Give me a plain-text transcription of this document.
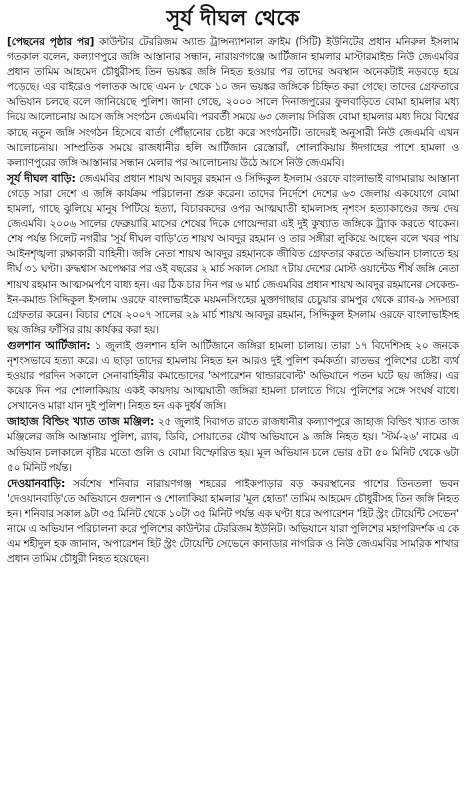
সূর্য দীঘল থেকে

[পেছনের পৃষ্ঠার পর] কাউন্টার টেররিজম অ্যান্ড ট্রান্সন্যাশনাল ক্রাইম (সিটি) ইউনিটের প্রধান মনিরুল ইসলাম গতকাল বলেন, কল্যাণপুরে জঙ্গি আস্তানার সন্ধান, নারায়ণগঞ্জে আর্টিজান হামলার মাস্টারমাইন্ড নিউ জেএমবির প্রধান তামিম আহমেদ চৌধুরীসহ তিন ভয়ঙ্কর জঙ্গি নিহত হওয়ার পর তাদের অবস্থান অনেকটাই নড়বড়ে হয়ে পড়েছে। এর বাইরেও পলাতক আছে এমন ৮ থেকে ১০ জন ভয়ঙ্কর জঙ্গিকে চিহ্নিত করা গেছে। তাদের গ্রেফতারে অভিযান চলছে বলে জানিয়েছে পুলিশ। জানা গেছে, ২০০০ সালে দিনাজপুরের ফুলবাড়িতে বোমা হামলার মধ্য দিয়ে আলোচনায় আসে জঙ্গি সংগঠন জেএমবি। পরবর্তী সময়ে ৬৩ জেলায় সিরিজ বোমা হামলার মধ্য দিয়ে বিশ্বের কাছে নতুন জঙ্গি সংগঠন হিসেবে বার্তা পৌঁছানোর চেষ্টা করে সংগঠনটি। তাদেরই অনুসারী নিউ জেএমবি এখন আলোচনায়। সাম্প্রতিক সময়ে রাজধানীর হলি আর্টিজান রেস্তোরাঁ, শোলাকিয়ায় ঈদগাহের পাশে হামলা ও কল্যাণপুরের জঙ্গি আস্তানার সন্ধান মেলার পর আলোচনায় উঠে আসে নিউ জেএমবি।

সূর্য দীঘল বাড়ি: জেএমবির প্রধান শায়খ আবদুর রহমান ও সিদ্দিকুল ইসলাম ওরফে বাংলাভাই বাগমারায় আস্তানা গেড়ে সারা দেশে এ জঙ্গি কার্যক্রম পরিচালনা শুরু করেন। তাদের নির্দেশে দেশের ৬৩ জেলায় একযোগে বোমা হামলা, গাছে ঝুলিয়ে মানুষ পিটিয়ে হত্যা, বিচারকদের ওপর আত্মঘাতী হামলাসহ নৃশংস হত্যাকাণ্ডের জন্ম দেয় জেএমবি। ২০০৬ সালের ফেব্রুয়ারি মাসের শেষের দিকে গোয়েন্দারা এই দুই কুখ্যাত জঙ্গিকে ট্র্যাক করতে থাকেন। শেষ পর্যন্ত সিলেট নগরীর 'সূর্য দীঘল বাড়ি'তে শায়খ আবদুর রহমান ও তার সঙ্গীরা লুকিয়ে আছেন বলে খবর পায় আইনশৃঙ্খলা রক্ষাকারী বাহিনী। জঙ্গি নেতা শায়খ আবদুর রহমানকে জীবিত গ্রেফতার করতে অভিযান চালাতে হয় দীর্ঘ ৩১ ঘণ্টা। রুদ্ধশ্বাস অপেক্ষার পর ওই বছরের ২ মার্চ সকাল সোয়া ৭টায় দেশের মোস্ট ওয়ান্টেড শীর্ষ জঙ্গি নেতা শায়খ রহমান আত্মসমর্পণে বাধ্য হন। এর ঠিক চার দিন পর ৬ মার্চ জেএমবির প্রধান শায়খ আবদুর রহমানের সেকেন্ড-ইন-কমান্ড সিদ্দিকুল ইসলাম ওরফে বাংলাভাইকে ময়মনসিংহের মুক্তাগাছার চেচুয়ার রামপুর থেকে র‌্যাব-৯ সদস্যরা গ্রেফতার করেন। বিচার শেষে ২০০৭ সালের ২৯ মার্চ শায়খ আবদুর রহমান, সিদ্দিকুল ইসলাম ওরফে বাংলাভাইসহ ছয় জঙ্গির ফাঁসির রায় কার্যকর করা হয়।

গুলশান আর্টিজান: ১ জুলাই গুলশান হলি আর্টিজানে জঙ্গিরা হামলা চালায়। তারা ১৭ বিদেশিসহ ২০ জনকে নৃশংসভাবে হত্যা করে। এ ছাড়া তাদের হামলায় নিহত হন আরও দুই পুলিশ কর্মকর্তা। রাতভর পুলিশের চেষ্টা ব্যর্থ হওয়ার পরদিন সকালে সেনাবাহিনীর কমান্ডোদের 'অপারেশন থান্ডারবোল্ট' অভিযানে পতন ঘটে ছয় জঙ্গির। এর কয়েক দিন পর শোলাকিয়ায় একই কায়দায় আত্মঘাতী জঙ্গিরা হামলা চালাতে গিয়ে পুলিশের সঙ্গে সংঘর্ষ বাধে। সেখানেও মারা যান দুই পুলিশ। নিহত হন এক দুর্ধর্ষ জঙ্গি।

জাহাজ বিল্ডিং খ্যাত তাজ মঞ্জিল: ২৫ জুলাই দিবাগত রাতে রাজধানীর কল্যাণপুরে জাহাজ বিল্ডিং খ্যাত তাজ মঞ্জিলের জঙ্গি আস্তানায় পুলিশ, র‌্যাব, ডিবি, সোয়াতের যৌথ অভিযানে ৯ জঙ্গি নিহত হয়। 'স্টর্ম-২৬' নামের এ অভিযান চলাকালে বৃষ্টির মতো গুলি ও বোমা বিস্ফোরিত হয়। মূল অভিযান চলে ভোর ৫টা ৫০ মিনিট থেকে ৬টা ৫০ মিনিট পর্যন্ত।

দেওয়ানবাড়ি: সর্বশেষ শনিবার নারায়ণগঞ্জ শহরের পাইকপাড়ার বড় কবরস্থানের পাশের তিনতলা ভবন 'দেওয়ানবাড়ি'তে অভিযানে গুলশান ও শোলাকিয়া হামলার 'মূল হোতা' তামিম আহমেদ চৌধুরীসহ তিন জঙ্গি নিহত হন। শনিবার সকাল ৯টা ৩৫ মিনিট থেকে ১০টা ৩৫ মিনিট পর্যন্ত এক ঘণ্টা ধরে অপারেশন 'হিট স্ট্রং টোয়েন্টি সেভেন' নামে এ অভিযান পরিচালনা করে পুলিশের কাউন্টার টেররিজম ইউনিট। অভিযানে যারা পুলিশের মহাপরিদর্শক এ কে এম শহীদুল হক জানান, অপারেশন হিট স্ট্রং টোয়েন্টি সেভেনে কানাডার নাগরিক ও নিউ জেএমবির সামরিক শাখার প্রধান তামিম চৌধুরী নিহত হয়েছেন।
